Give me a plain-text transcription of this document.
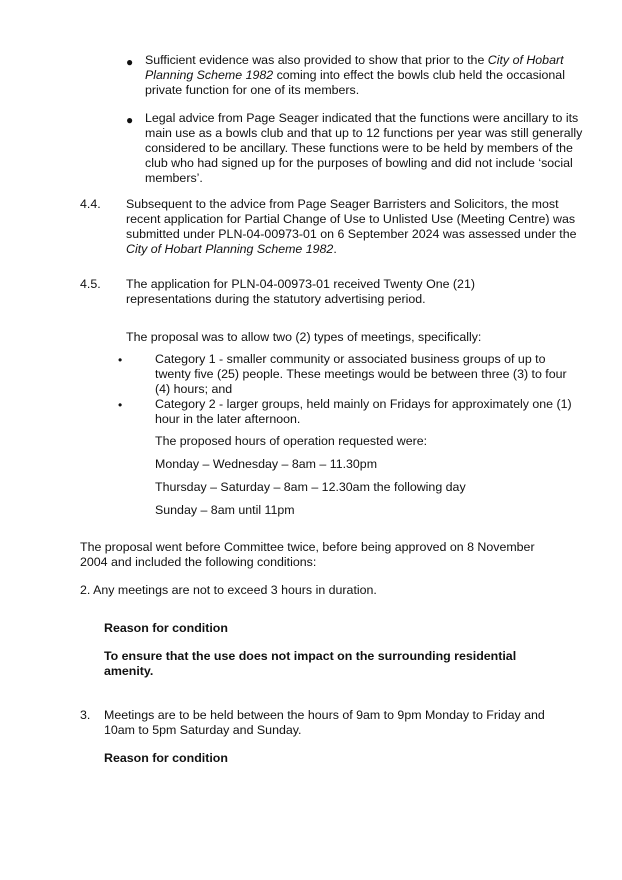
● Sufficient evidence was also provided to show that prior to the City of Hobart Planning Scheme 1982 coming into effect the bowls club held the occasional private function for one of its members.

● Legal advice from Page Seager indicated that the functions were ancillary to its main use as a bowls club and that up to 12 functions per year was still generally considered to be ancillary. These functions were to be held by members of the club who had signed up for the purposes of bowling and did not include ‘social members’.

4.4. Subsequent to the advice from Page Seager Barristers and Solicitors, the most recent application for Partial Change of Use to Unlisted Use (Meeting Centre) was submitted under PLN-04-00973-01 on 6 September 2024 was assessed under the City of Hobart Planning Scheme 1982.

4.5. The application for PLN-04-00973-01 received Twenty One (21) representations during the statutory advertising period.

The proposal was to allow two (2) types of meetings, specifically:

•	Category 1 - smaller community or associated business groups of up to twenty five (25) people. These meetings would be between three (3) to four (4) hours; and

•	Category 2 - larger groups, held mainly on Fridays for approximately one (1) hour in the later afternoon.

The proposed hours of operation requested were:

Monday – Wednesday – 8am – 11.30pm

Thursday – Saturday – 8am – 12.30am the following day

Sunday – 8am until 11pm

The proposal went before Committee twice, before being approved on 8 November 2004 and included the following conditions:

2. Any meetings are not to exceed 3 hours in duration.

Reason for condition

To ensure that the use does not impact on the surrounding residential amenity.

3. Meetings are to be held between the hours of 9am to 9pm Monday to Friday and 10am to 5pm Saturday and Sunday.

Reason for condition
